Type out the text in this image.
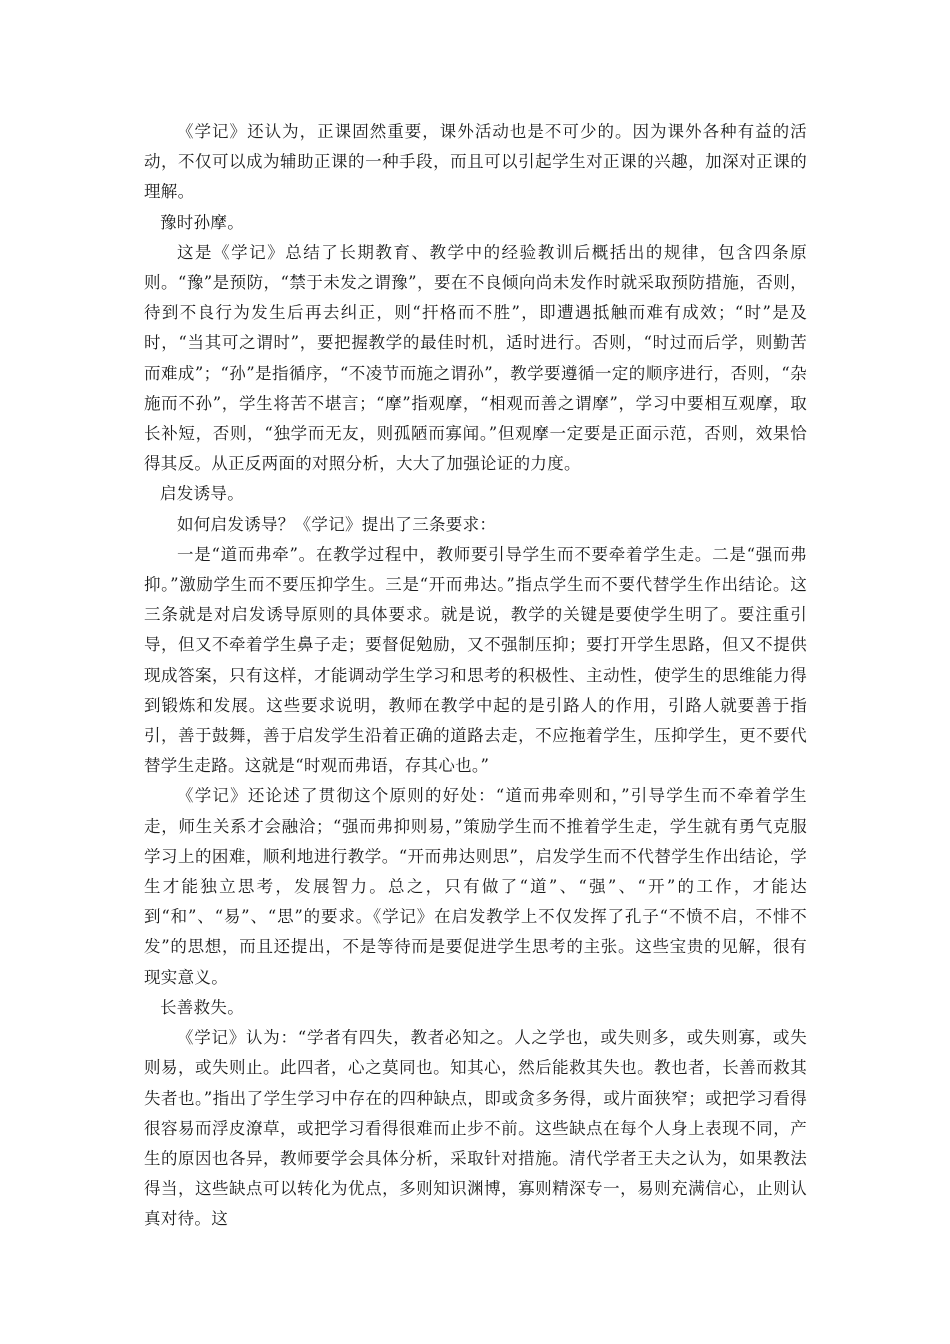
《学记》还认为，正课固然重要，课外活动也是不可少的。因为课外各种有益的活动，不仅可以成为辅助正课的一种手段，而且可以引起学生对正课的兴趣，加深对正课的理解。

豫时孙摩。

这是《学记》总结了长期教育、教学中的经验教训后概括出的规律，包含四条原则。“豫”是预防，“禁于未发之谓豫”，要在不良倾向尚未发作时就采取预防措施，否则，待到不良行为发生后再去纠正，则“扞格而不胜”，即遭遇抵触而难有成效；“时”是及时，“当其可之谓时”，要把握教学的最佳时机，适时进行。否则，“时过而后学，则勤苦而难成”；“孙”是指循序，“不凌节而施之谓孙”，教学要遵循一定的顺序进行，否则，“杂施而不孙”，学生将苦不堪言；“摩”指观摩，“相观而善之谓摩”，学习中要相互观摩，取长补短，否则，“独学而无友，则孤陋而寡闻。”但观摩一定要是正面示范，否则，效果恰得其反。从正反两面的对照分析，大大了加强论证的力度。

启发诱导。

如何启发诱导？《学记》提出了三条要求：

一是“道而弗牵”。在教学过程中，教师要引导学生而不要牵着学生走。二是“强而弗抑。”激励学生而不要压抑学生。三是“开而弗达。”指点学生而不要代替学生作出结论。这三条就是对启发诱导原则的具体要求。就是说，教学的关键是要使学生明了。要注重引导，但又不牵着学生鼻子走；要督促勉励，又不强制压抑；要打开学生思路，但又不提供现成答案，只有这样，才能调动学生学习和思考的积极性、主动性，使学生的思维能力得到锻炼和发展。这些要求说明，教师在教学中起的是引路人的作用，引路人就要善于指引，善于鼓舞，善于启发学生沿着正确的道路去走，不应拖着学生，压抑学生，更不要代替学生走路。这就是“时观而弗语，存其心也。”

《学记》还论述了贯彻这个原则的好处：“道而弗牵则和，”引导学生而不牵着学生走，师生关系才会融洽；“强而弗抑则易，”策励学生而不推着学生走，学生就有勇气克服学习上的困难，顺利地进行教学。“开而弗达则思”，启发学生而不代替学生作出结论，学生才能独立思考，发展智力。总之，只有做了“道”、“强”、“开”的工作，才能达到“和”、“易”、“思”的要求。《学记》在启发教学上不仅发挥了孔子“不愤不启，不悱不发”的思想，而且还提出，不是等待而是要促进学生思考的主张。这些宝贵的见解，很有现实意义。

长善救失。

《学记》认为：“学者有四失，教者必知之。人之学也，或失则多，或失则寡，或失则易，或失则止。此四者，心之莫同也。知其心，然后能救其失也。教也者，长善而救其失者也。”指出了学生学习中存在的四种缺点，即或贪多务得，或片面狭窄；或把学习看得很容易而浮皮潦草，或把学习看得很难而止步不前。这些缺点在每个人身上表现不同，产生的原因也各异，教师要学会具体分析，采取针对措施。清代学者王夫之认为，如果教法得当，这些缺点可以转化为优点，多则知识渊博，寡则精深专一，易则充满信心，止则认真对待。这
